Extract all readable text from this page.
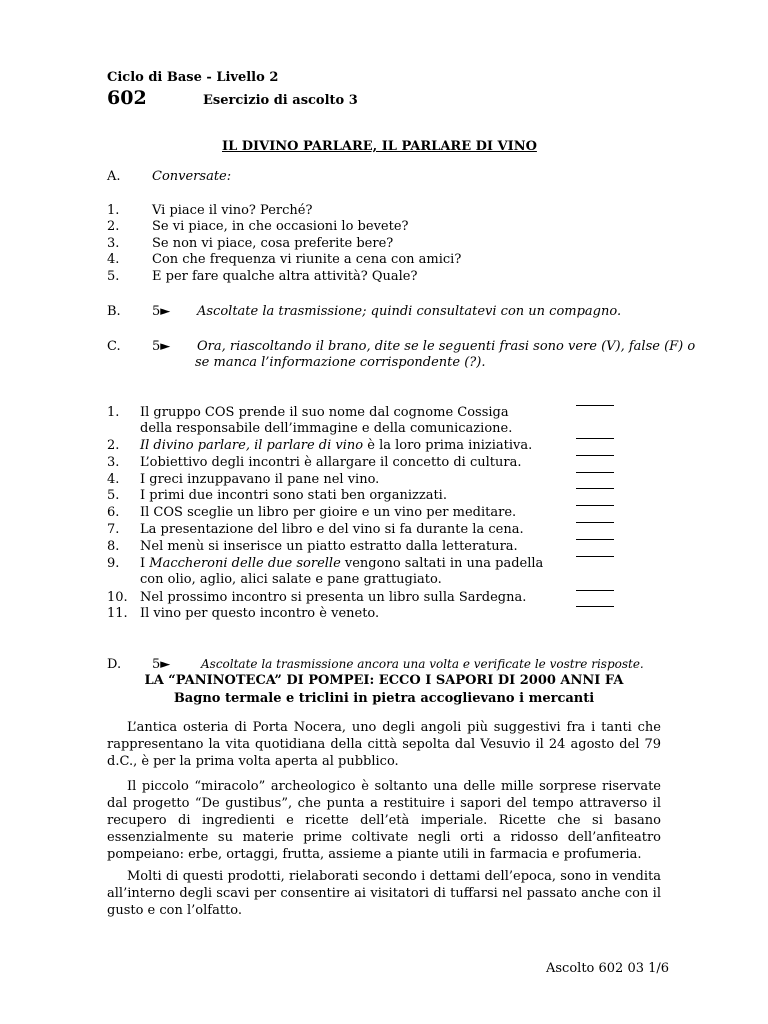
Ciclo di Base - Livello 2
602	Esercizio di ascolto 3
IL DIVINO PARLARE, IL PARLARE DI VINO
A. Conversate:
1.	Vi piace il vino? Perché?
2.	Se vi piace, in che occasioni lo bevete?
3.	Se non vi piace, cosa preferite bere?
4.	Con che frequenza vi riunite a cena con amici?
5.	E per fare qualche altra attività? Quale?
B. 5► Ascoltate la trasmissione; quindi consultatevi con un compagno.
C. 5► Ora, riascoltando il brano, dite se le seguenti frasi sono vere (V), false (F) o
se manca l’informazione corrispondente (?).
1. Il gruppo COS prende il suo nome dal cognome Cossiga
della responsabile dell’immagine e della comunicazione.
2. Il divino parlare, il parlare di vino è la loro prima iniziativa.
3. L’obiettivo degli incontri è allargare il concetto di cultura.
4. I greci inzuppavano il pane nel vino.
5. I primi due incontri sono stati ben organizzati.
6. Il COS sceglie un libro per gioire e un vino per meditare.
7. La presentazione del libro e del vino si fa durante la cena.
8. Nel menù si inserisce un piatto estratto dalla letteratura.
9. I Maccheroni delle due sorelle vengono saltati in una padella
con olio, aglio, alici salate e pane grattugiato.
10. Nel prossimo incontro si presenta un libro sulla Sardegna.
11. Il vino per questo incontro è veneto.
D. 5►	Ascoltate la trasmissione ancora una volta e verificate le vostre risposte.
LA “PANINOTECA” DI POMPEI: ECCO I SAPORI DI 2000 ANNI FA
Bagno termale e triclini in pietra accoglievano i mercanti
L’antica osteria di Porta Nocera, uno degli angoli più suggestivi fra i tanti che rappresentano la vita quotidiana della città sepolta dal Vesuvio il 24 agosto del 79 d.C., è per la prima volta aperta al pubblico.
Il piccolo “miracolo” archeologico è soltanto una delle mille sorprese riservate dal progetto “De gustibus”, che punta a restituire i sapori del tempo attraverso il recupero di ingredienti e ricette dell’età imperiale. Ricette che si basano essenzialmente su materie prime coltivate negli orti a ridosso dell’anfiteatro pompeiano: erbe, ortaggi, frutta, assieme a piante utili in farmacia e profumeria.
Molti di questi prodotti, rielaborati secondo i dettami dell’epoca, sono in vendita all’interno degli scavi per consentire ai visitatori di tuffarsi nel passato anche con il gusto e con l’olfatto.
Ascolto 602 03 1/6
